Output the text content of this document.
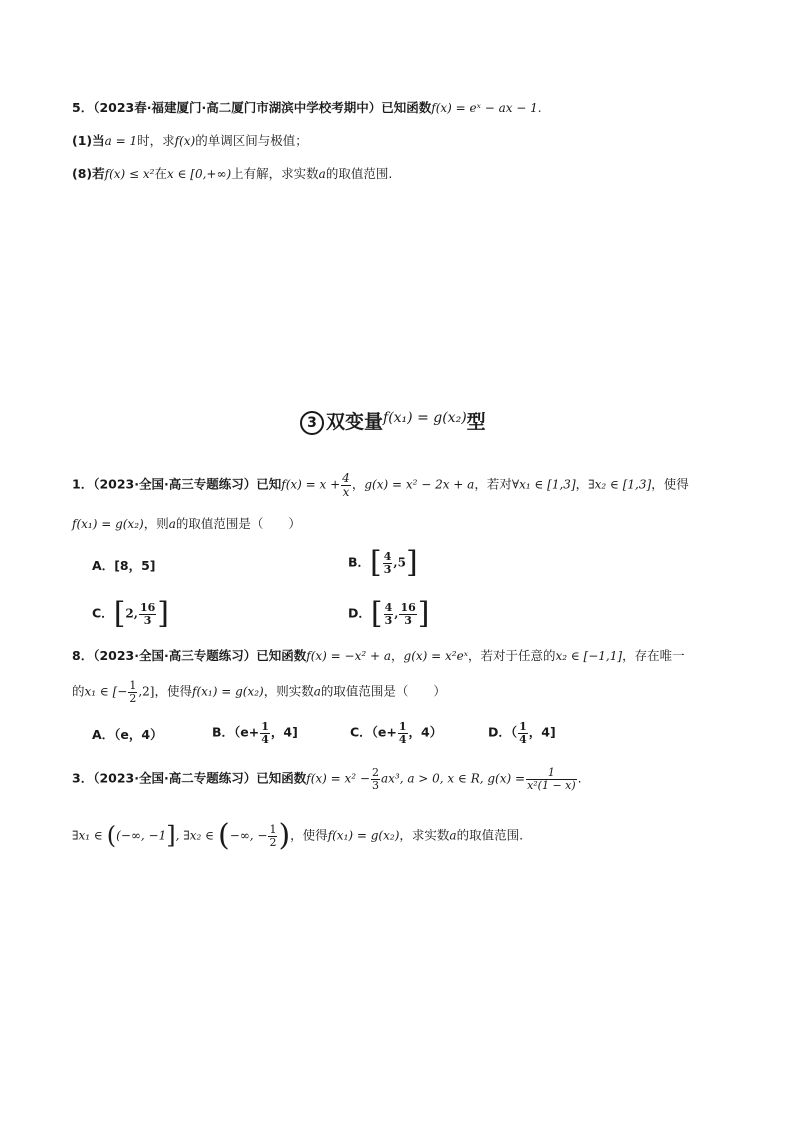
5．（2023春·福建厦门·高二厦门市湖滨中学校考期中）已知函数f(x) = eˣ − ax − 1.
(1)当a = 1时，求f(x)的单调区间与极值；
(8)若f(x) ≤ x²在x ∈ [0,+∞)上有解，求实数a的取值范围.
3 双变量$^{f(x_1) = g(x_2)}$型
1．（2023·全国·高三专题练习）已知$f(x) = x + \frac{4}{x}$ ，g(x) = x² − 2x + a，若对∀x₁ ∈ [1,3]，∃x₂ ∈ [1,3]，使得
f(x₁) = g(x₂)，则a的取值范围是（　　）
A．[8，5]	B．[ $\frac{4}{3} ,5$]
C．[2, $\frac{16}{3}$ ]	D．[ $\frac{4}{3}$ , $\frac{16}{3}$ ]
8．（2023·全国·高三专题练习）已知函数f(x) = −x² + a，g(x) = x²eˣ，若对于任意的x₂ ∈ [−1,1]，存在唯一
的x₁ ∈ [− $\frac{1}{2} ,2$]，使得f(x₁) = g(x₂)，则实数a的取值范围是（　　）
A．（e，4）	B．（$e+ \frac{1}{4}$ ，4]	C．（$e+ \frac{1}{4}$ ，4）	D．（ $\frac{1}{4}$ ，4]
3．（2023·全国·高二专题练习）已知函数$f(x) = x^2 - \frac{2}{3} ax^3$, a > 0, x ∈ R, $g(x) = \frac{1}{\text{x²(1 − x)}}$ .
∃x₁ ∈ ((−∞, −1], ∃x₂ ∈ (−∞, − $\frac{1}{2}$ )，使得f(x₁) = g(x₂)，求实数a的取值范围.
